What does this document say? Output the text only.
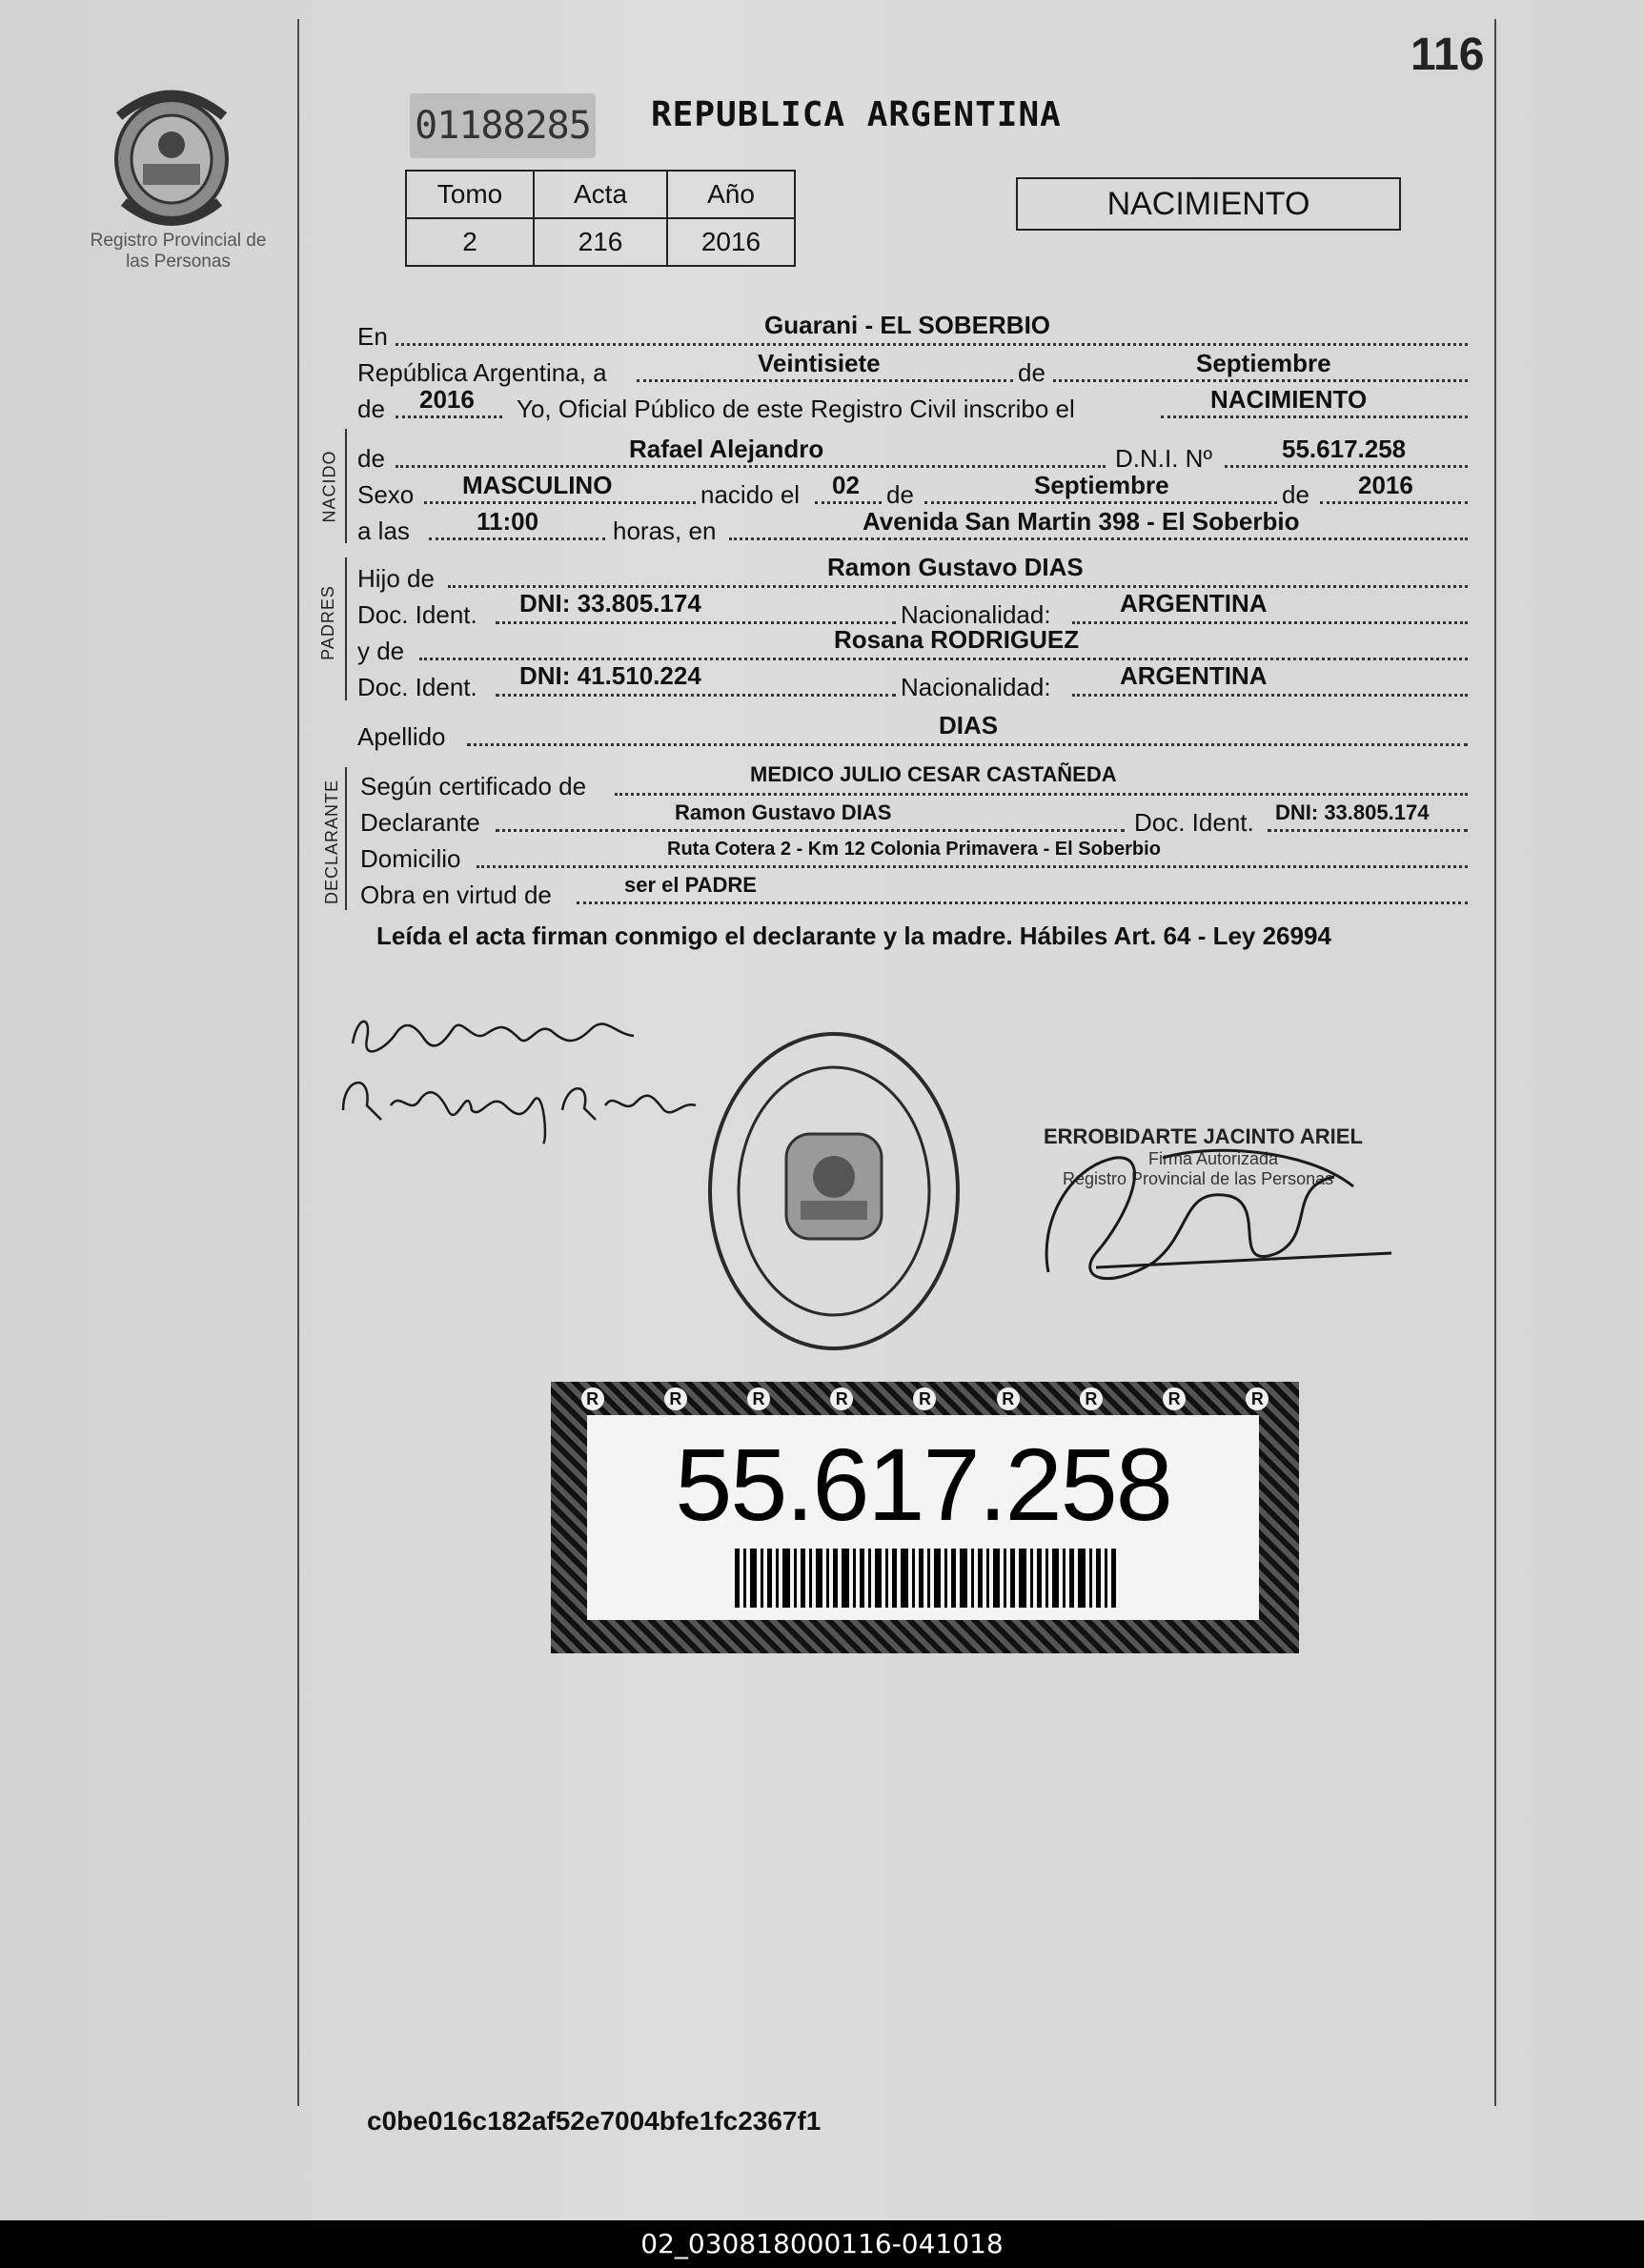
116
Registro Provincial de las Personas
01188285 REPUBLICA ARGENTINA
Tomo	Acta	Año
2	216	2016
NACIMIENTO
En	Guarani - EL SOBERBIO
República Argentina, a	Veintisiete	de	Septiembre
de 2016 Yo, Oficial Público de este Registro Civil inscribo el	NACIMIENTO
NACIDO de	Rafael Alejandro	D.N.I. Nº	55.617.258
Sexo MASCULINO	nacido el 02 de	Septiembre	de 2016
a las	11:00	horas, en	Avenida San Martin 398 - El Soberbio
PADRES
Hijo de	Ramon Gustavo DIAS
Doc. Ident. DNI: 33.805.174	Nacionalidad:	ARGENTINA
y de	Rosana RODRIGUEZ
Doc. Ident. DNI: 41.510.224	Nacionalidad:	ARGENTINA
Apellido	DIAS
DECLARANTE Según certificado de	MEDICO JULIO CESAR CASTAÑEDA
Declarante	Ramon Gustavo DIAS	Doc. Ident. DNI: 33.805.174
Domicilio	Ruta Cotera 2 - Km 12 Colonia Primavera - El Soberbio
Obra en virtud de	ser el PADRE
Leída el acta firman conmigo el declarante y la madre. Hábiles Art. 64 - Ley 26994
ERROBIDARTE JACINTO ARIEL
Firma Autorizada
Registro Provincial de las Personas
R	R	R	R	R	R	R	R	R
55.617.258
c0be016c182af52e7004bfe1fc2367f1
02_030818000116-041018
